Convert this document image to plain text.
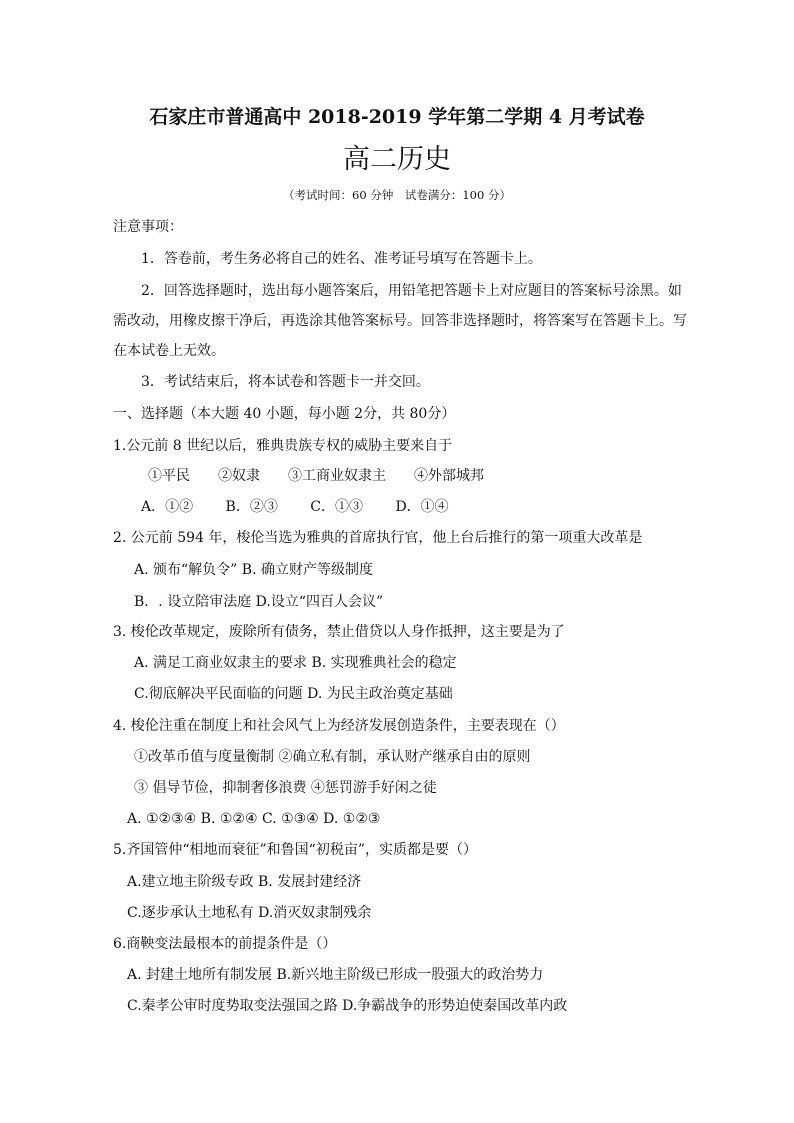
石家庄市普通高中 2018-2019 学年第二学期 4 月考试卷
高二历史
（考试时间：60 分钟　试卷满分：100 分）
注意事项：
1．答卷前，考生务必将自己的姓名、准考证号填写在答题卡上。
2．回答选择题时，选出每小题答案后，用铅笔把答题卡上对应题目的答案标号涂黑。如需改动，用橡皮擦干净后，再选涂其他答案标号。回答非选择题时，将答案写在答题卡上。写在本试卷上无效。
3．考试结束后，将本试卷和答题卡一并交回。
一、选择题（本大题 40 小题，每小题 2分，共 80分）
1.公元前 8 世纪以后，雅典贵族专权的威胁主要来自于
①平民　　②奴隶　　③工商业奴隶主　　④外部城邦
A．①②　　 B．②③　　 C．①③　　 D．①④
2. 公元前 594 年，梭伦当选为雅典的首席执行官，他上台后推行的第一项重大改革是
A. 颁布“解负令” B. 确立财产等级制度
B．. 设立陪审法庭 D.设立“四百人会议”
3. 梭伦改革规定，废除所有债务，禁止借贷以人身作抵押，这主要是为了
A. 满足工商业奴隶主的要求 B. 实现雅典社会的稳定
C.彻底解决平民面临的问题 D. 为民主政治奠定基础
4. 梭伦注重在制度上和社会风气上为经济发展创造条件，主要表现在（）
①改革币值与度量衡制 ②确立私有制，承认财产继承自由的原则
③ 倡导节俭，抑制奢侈浪费 ④惩罚游手好闲之徒
A. ①②③④ B. ①②④ C. ①③④ D. ①②③
5.齐国管仲“相地而衰征”和鲁国“初税亩”，实质都是要（）
A.建立地主阶级专政 B. 发展封建经济
C.逐步承认土地私有 D.消灭奴隶制残余
6.商鞅变法最根本的前提条件是（）
A. 封建土地所有制发展 B.新兴地主阶级已形成一股强大的政治势力
C.秦孝公审时度势取变法强国之路 D.争霸战争的形势迫使秦国改革内政
